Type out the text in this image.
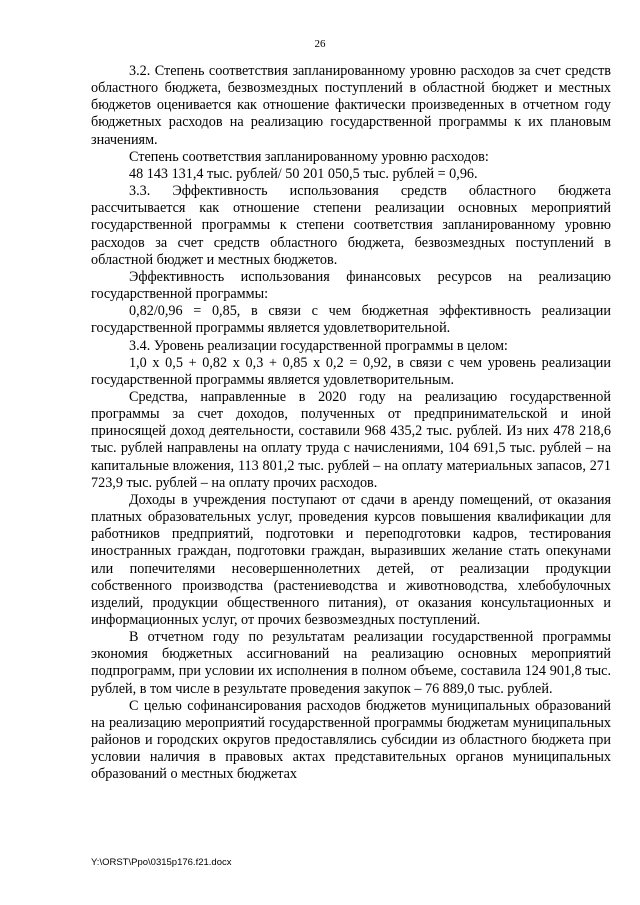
26

3.2. Степень соответствия запланированному уровню расходов за счет средств областного бюджета, безвозмездных поступлений в областной бюджет и местных бюджетов оценивается как отношение фактически произведенных в отчетном году бюджетных расходов на реализацию государственной программы к их плановым значениям.

Степень соответствия запланированному уровню расходов:

48 143 131,4 тыс. рублей/ 50 201 050,5 тыс. рублей = 0,96.

3.3. Эффективность использования средств областного бюджета рассчитывается как отношение степени реализации основных мероприятий государственной программы к степени соответствия запланированному уровню расходов за счет средств областного бюджета, безвозмездных поступлений в областной бюджет и местных бюджетов.

Эффективность использования финансовых ресурсов на реализацию государственной программы:

0,82/0,96 = 0,85, в связи с чем бюджетная эффективность реализации государственной программы является удовлетворительной.

3.4. Уровень реализации государственной программы в целом:

1,0 х 0,5 + 0,82 х 0,3 + 0,85 х 0,2 = 0,92, в связи с чем уровень реализации государственной программы является удовлетворительным.

Средства, направленные в 2020 году на реализацию государственной программы за счет доходов, полученных от предпринимательской и иной приносящей доход деятельности, составили 968 435,2 тыс. рублей. Из них 478 218,6 тыс. рублей направлены на оплату труда с начислениями, 104 691,5 тыс. рублей – на капитальные вложения, 113 801,2 тыс. рублей – на оплату материальных запасов, 271 723,9 тыс. рублей – на оплату прочих расходов.

Доходы в учреждения поступают от сдачи в аренду помещений, от оказания платных образовательных услуг, проведения курсов повышения квалификации для работников предприятий, подготовки и переподготовки кадров, тестирования иностранных граждан, подготовки граждан, выразивших желание стать опекунами или попечителями несовершеннолетних детей, от реализации продукции собственного производства (растениеводства и животноводства, хлебобулочных изделий, продукции общественного питания), от оказания консультационных и информационных услуг, от прочих безвозмездных поступлений.

В отчетном году по результатам реализации государственной программы экономия бюджетных ассигнований на реализацию основных мероприятий подпрограмм, при условии их исполнения в полном объеме, составила 124 901,8 тыс. рублей, в том числе в результате проведения закупок – 76 889,0 тыс. рублей.

С целью софинансирования расходов бюджетов муниципальных образований на реализацию мероприятий государственной программы бюджетам муниципальных районов и городских округов предоставлялись субсидии из областного бюджета при условии наличия в правовых актах представительных органов муниципальных образований о местных бюджетах

Y:\ORST\Ppo\0315p176.f21.docx
